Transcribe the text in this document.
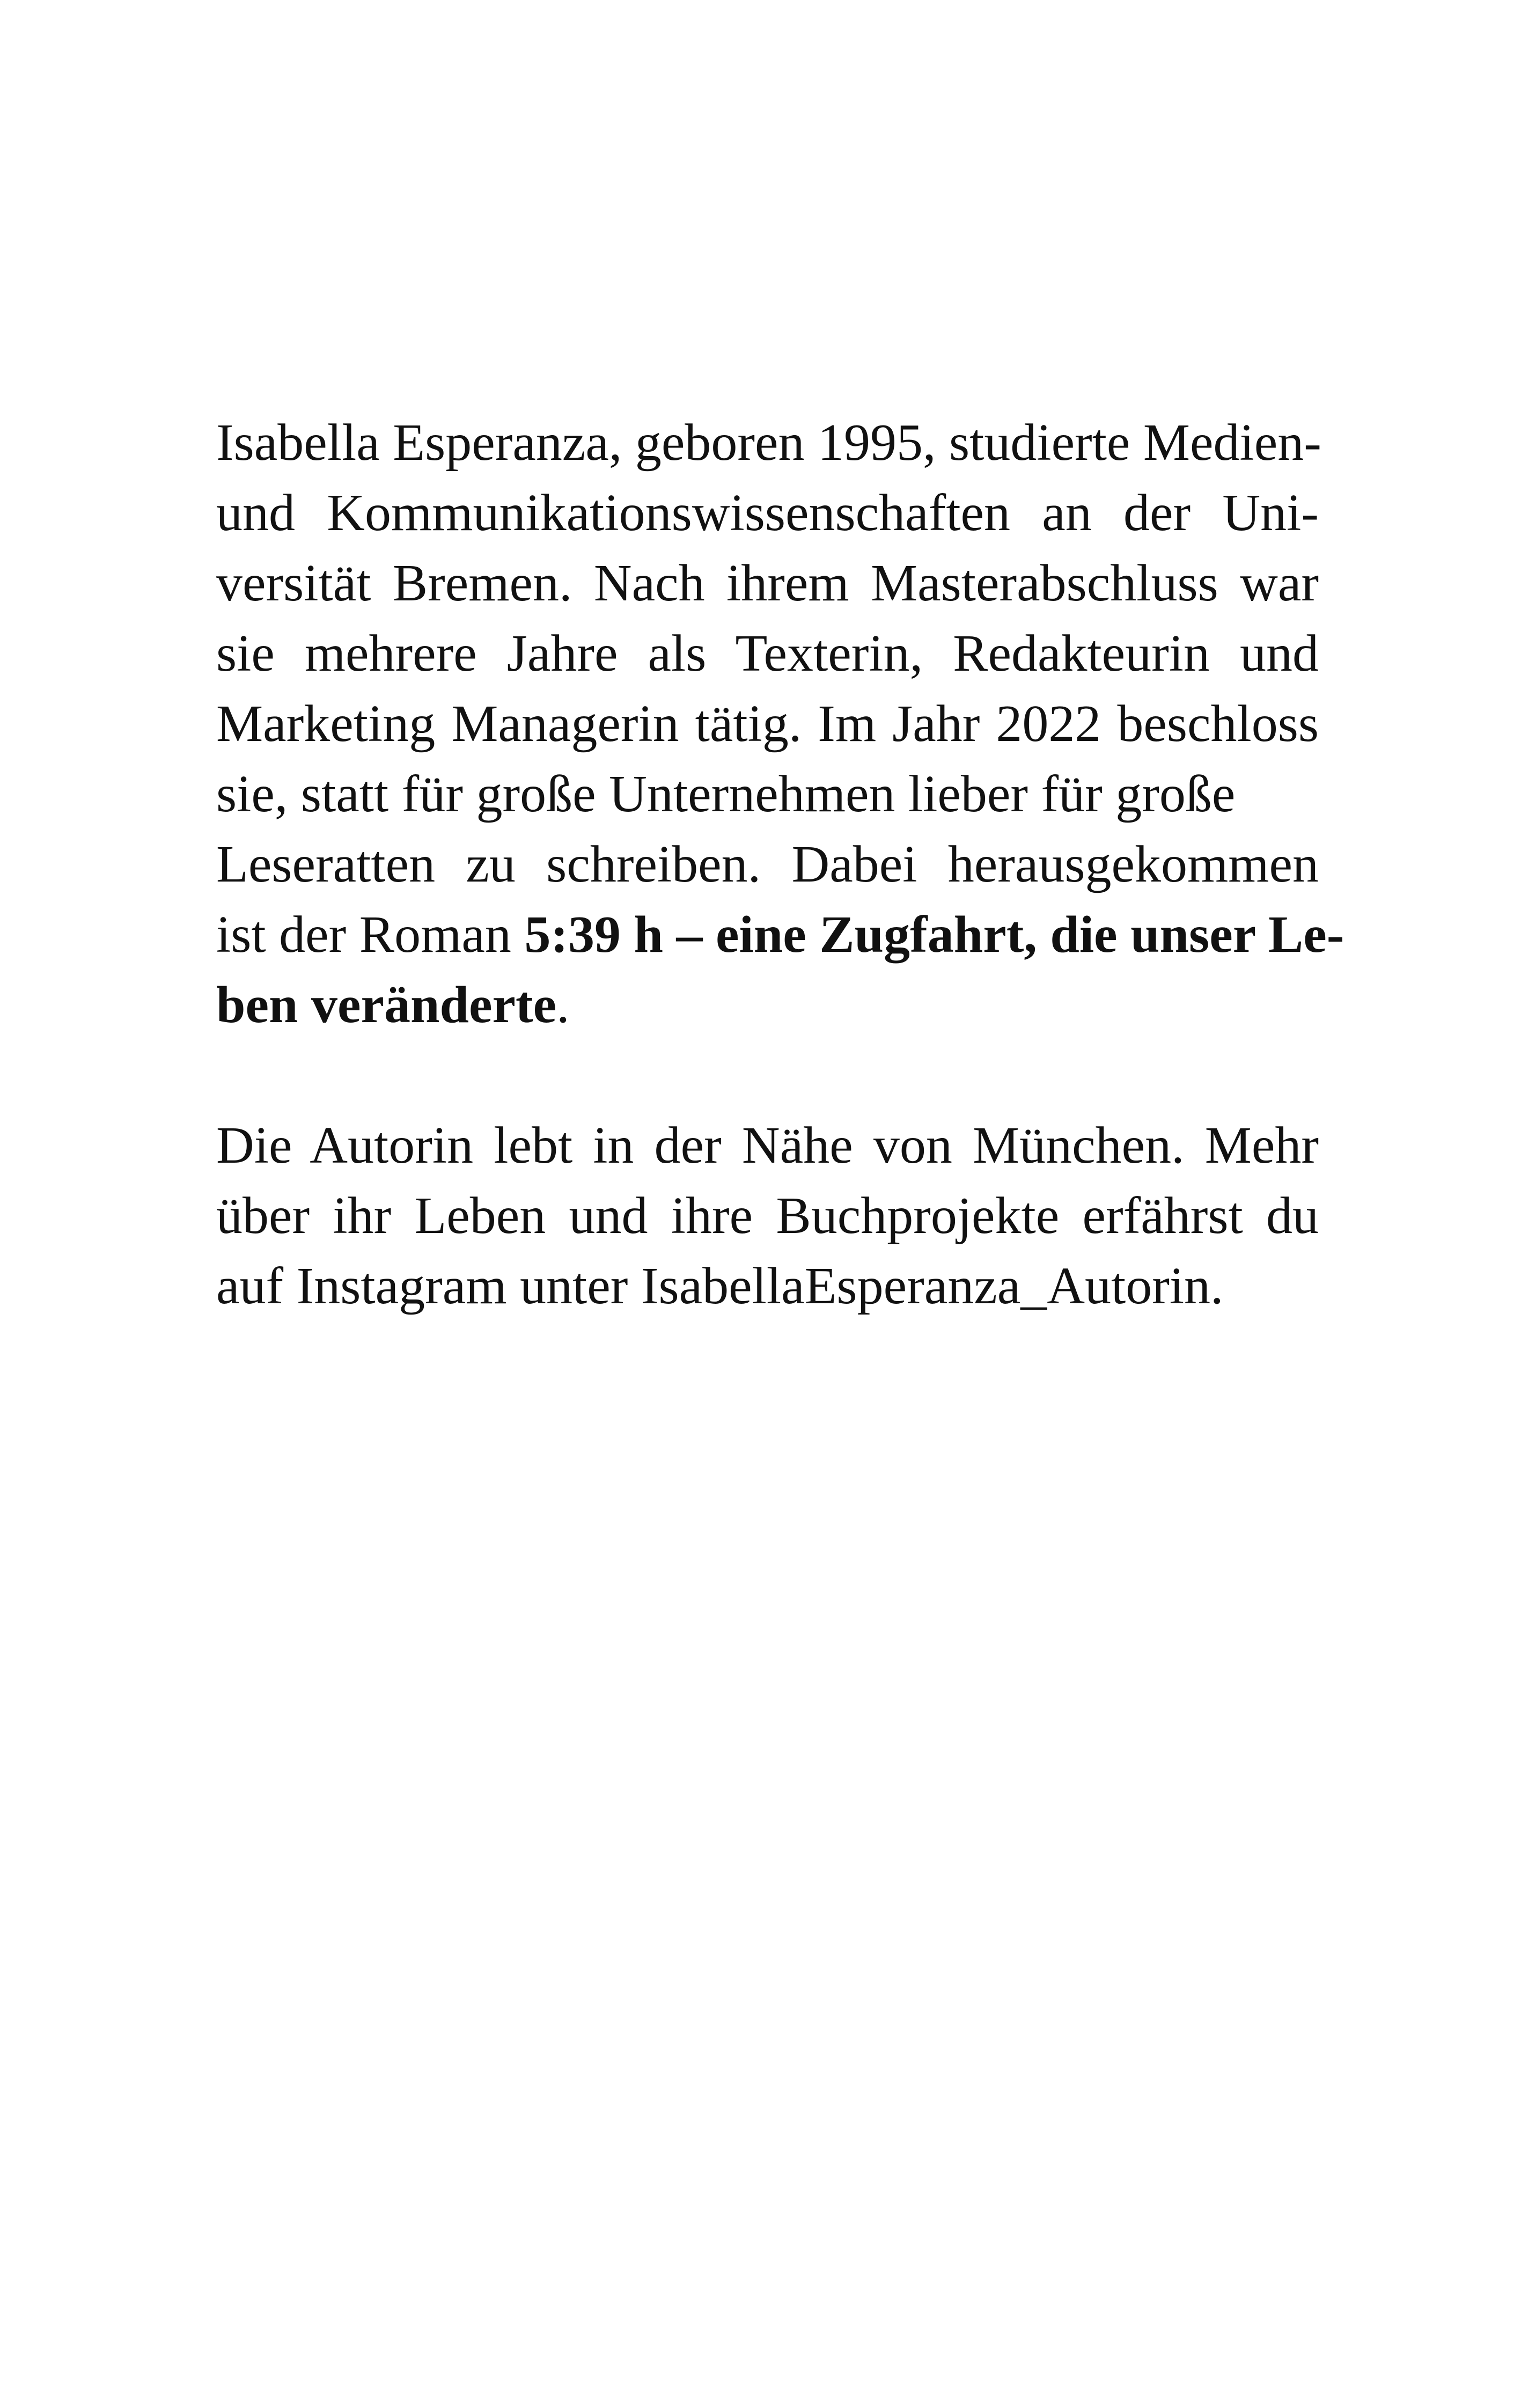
Isabella Esperanza, geboren 1995, studierte Medien-
und Kommunikationswissenschaften an der Uni-
versität Bremen. Nach ihrem Masterabschluss war
sie mehrere Jahre als Texterin, Redakteurin und
Marketing Managerin tätig. Im Jahr 2022 beschloss
sie, statt für große Unternehmen lieber für große
Leseratten zu schreiben. Dabei herausgekommen
ist der Roman 5:39 h – eine Zugfahrt, die unser Le-
ben veränderte.

Die Autorin lebt in der Nähe von München. Mehr
über ihr Leben und ihre Buchprojekte erfährst du
auf Instagram unter IsabellaEsperanza_Autorin.
